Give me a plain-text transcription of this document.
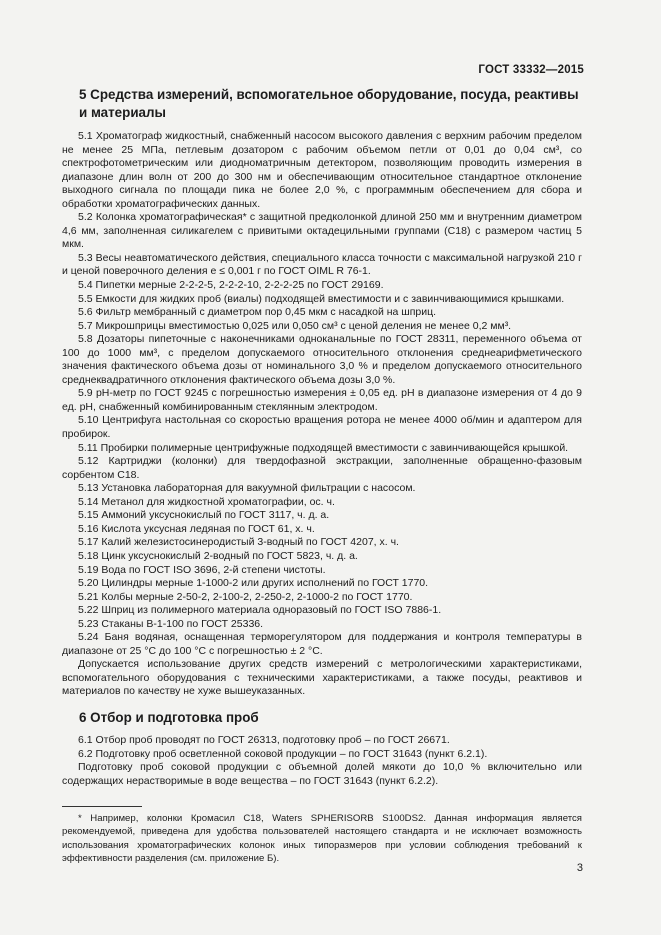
ГОСТ 33332—2015
5 Средства измерений, вспомогательное оборудование, посуда, реактивы и материалы

5.1 Хроматограф жидкостный, снабженный насосом высокого давления с верхним рабочим пределом не менее 25 МПа, петлевым дозатором с рабочим объемом петли от 0,01 до 0,04 см³, со спектрофотометрическим или диодноматричным детектором, позволяющим проводить измерения в диапазоне длин волн от 200 до 300 нм и обеспечивающим относительное стандартное отклонение выходного сигнала по площади пика не более 2,0 %, с программным обеспечением для сбора и обработки хроматографических данных.

5.2 Колонка хроматографическая* с защитной предколонкой длиной 250 мм и внутренним диаметром 4,6 мм, заполненная силикагелем с привитыми октадецильными группами (С18) с размером частиц 5 мкм.

5.3 Весы неавтоматического действия, специального класса точности с максимальной нагрузкой 210 г и ценой поверочного деления e ≤ 0,001 г по ГОСТ OIML R 76-1.

5.4 Пипетки мерные 2-2-2-5, 2-2-2-10, 2-2-2-25 по ГОСТ 29169.

5.5 Емкости для жидких проб (виалы) подходящей вместимости и с завинчивающимися крышками.

5.6 Фильтр мембранный с диаметром пор 0,45 мкм с насадкой на шприц.

5.7 Микрошприцы вместимостью 0,025 или 0,050 см³ с ценой деления не менее 0,2 мм³.

5.8 Дозаторы пипеточные с наконечниками одноканальные по ГОСТ 28311, переменного объема от 100 до 1000 мм³, с пределом допускаемого относительного отклонения среднеарифметического значения фактического объема дозы от номинального 3,0 % и пределом допускаемого относительного среднеквадратичного отклонения фактического объема дозы 3,0 %.

5.9 pH-метр по ГОСТ 9245 с погрешностью измерения ± 0,05 ед. pH в диапазоне измерения от 4 до 9 ед. pH, снабженный комбинированным стеклянным электродом.

5.10 Центрифуга настольная со скоростью вращения ротора не менее 4000 об/мин и адаптером для пробирок.

5.11 Пробирки полимерные центрифужные подходящей вместимости с завинчивающейся крышкой.

5.12 Картриджи (колонки) для твердофазной экстракции, заполненные обращенно-фазовым сорбентом С18.

5.13 Установка лабораторная для вакуумной фильтрации с насосом.

5.14 Метанол для жидкостной хроматографии, ос. ч.

5.15 Аммоний уксуснокислый по ГОСТ 3117, ч. д. а.

5.16 Кислота уксусная ледяная по ГОСТ 61, х. ч.

5.17 Калий железистосинеродистый 3-водный по ГОСТ 4207, х. ч.

5.18 Цинк уксуснокислый 2-водный по ГОСТ 5823, ч. д. а.

5.19 Вода по ГОСТ ISO 3696, 2-й степени чистоты.

5.20 Цилиндры мерные 1-1000-2 или других исполнений по ГОСТ 1770.

5.21 Колбы мерные 2-50-2, 2-100-2, 2-250-2, 2-1000-2 по ГОСТ 1770.

5.22 Шприц из полимерного материала одноразовый по ГОСТ ISO 7886-1.

5.23 Стаканы В-1-100 по ГОСТ 25336.

5.24 Баня водяная, оснащенная терморегулятором для поддержания и контроля температуры в диапазоне от 25 °С до 100 °С с погрешностью ± 2 °С.

Допускается использование других средств измерений с метрологическими характеристиками, вспомогательного оборудования с техническими характеристиками, а также посуды, реактивов и материалов по качеству не хуже вышеуказанных.

6 Отбор и подготовка проб

6.1 Отбор проб проводят по ГОСТ 26313, подготовку проб – по ГОСТ 26671.

6.2 Подготовку проб осветленной соковой продукции – по ГОСТ 31643 (пункт 6.2.1).

Подготовку проб соковой продукции с объемной долей мякоти до 10,0 % включительно или содержащих нерастворимые в воде вещества – по ГОСТ 31643 (пункт 6.2.2).

* Например, колонки Кромасил С18, Waters SPHERISORB S100DS2. Данная информация является рекомендуемой, приведена для удобства пользователей настоящего стандарта и не исключает возможность использования хроматографических колонок иных типоразмеров при условии соблюдения требований к эффективности разделения (см. приложение Б).

3
